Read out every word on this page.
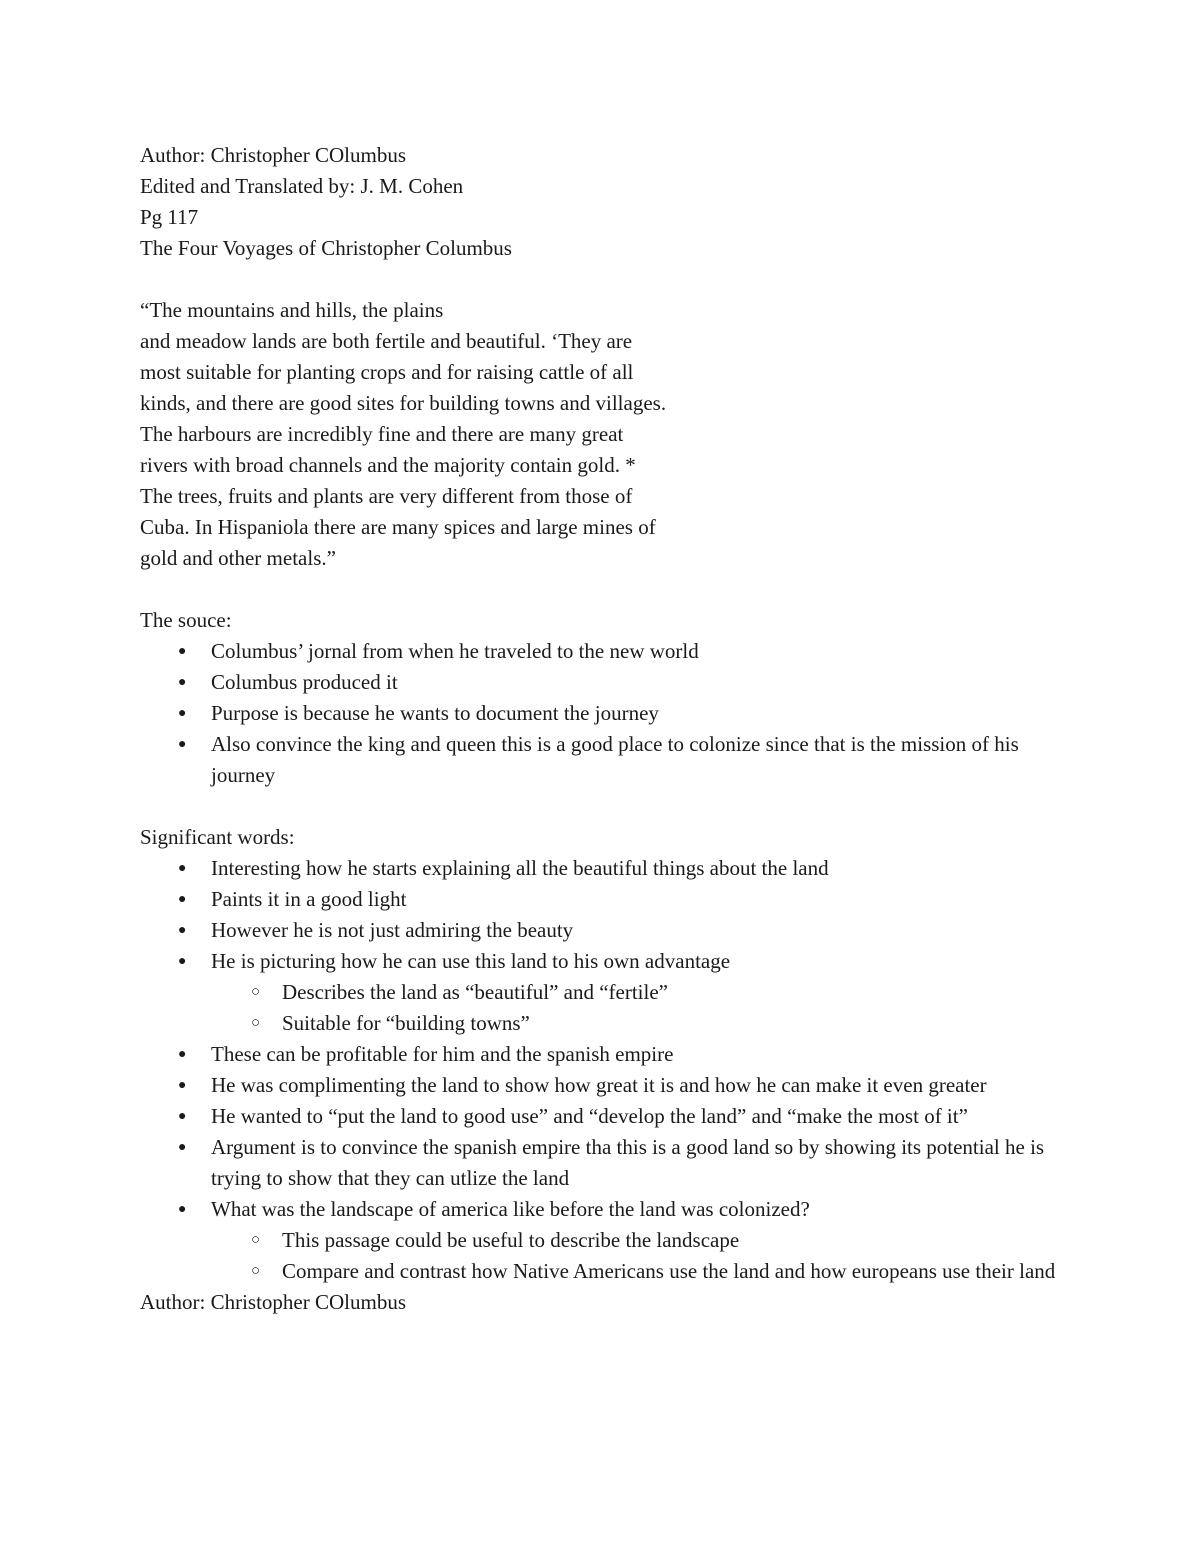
Author: Christopher COlumbus
Edited and Translated by: J. M. Cohen
Pg 117
The Four Voyages of Christopher Columbus
“The mountains and hills, the plains
and meadow lands are both fertile and beautiful. ‘They are
most suitable for planting crops and for raising cattle of all
kinds, and there are good sites for building towns and villages.
The harbours are incredibly fine and there are many great
rivers with broad channels and the majority contain gold. *
The trees, fruits and plants are very different from those of
Cuba. In Hispaniola there are many spices and large mines of
gold and other metals.”
The souce:
● Columbus’ jornal from when he traveled to the new world
● Columbus produced it
● Purpose is because he wants to document the journey
● Also convince the king and queen this is a good place to colonize since that is the mission of his journey
Significant words:
● Interesting how he starts explaining all the beautiful things about the land
● Paints it in a good light
● However he is not just admiring the beauty
● He is picturing how he can use this land to his own advantage
○ Describes the land as “beautiful” and “fertile”
○ Suitable for “building towns”
● These can be profitable for him and the spanish empire
● He was complimenting the land to show how great it is and how he can make it even greater
● He wanted to “put the land to good use” and “develop the land” and “make the most of it”
● Argument is to convince the spanish empire tha this is a good land so by showing its potential he is trying to show that they can utlize the land
● What was the landscape of america like before the land was colonized?
○ This passage could be useful to describe the landscape
○ Compare and contrast how Native Americans use the land and how europeans use their land
Author: Christopher COlumbus
